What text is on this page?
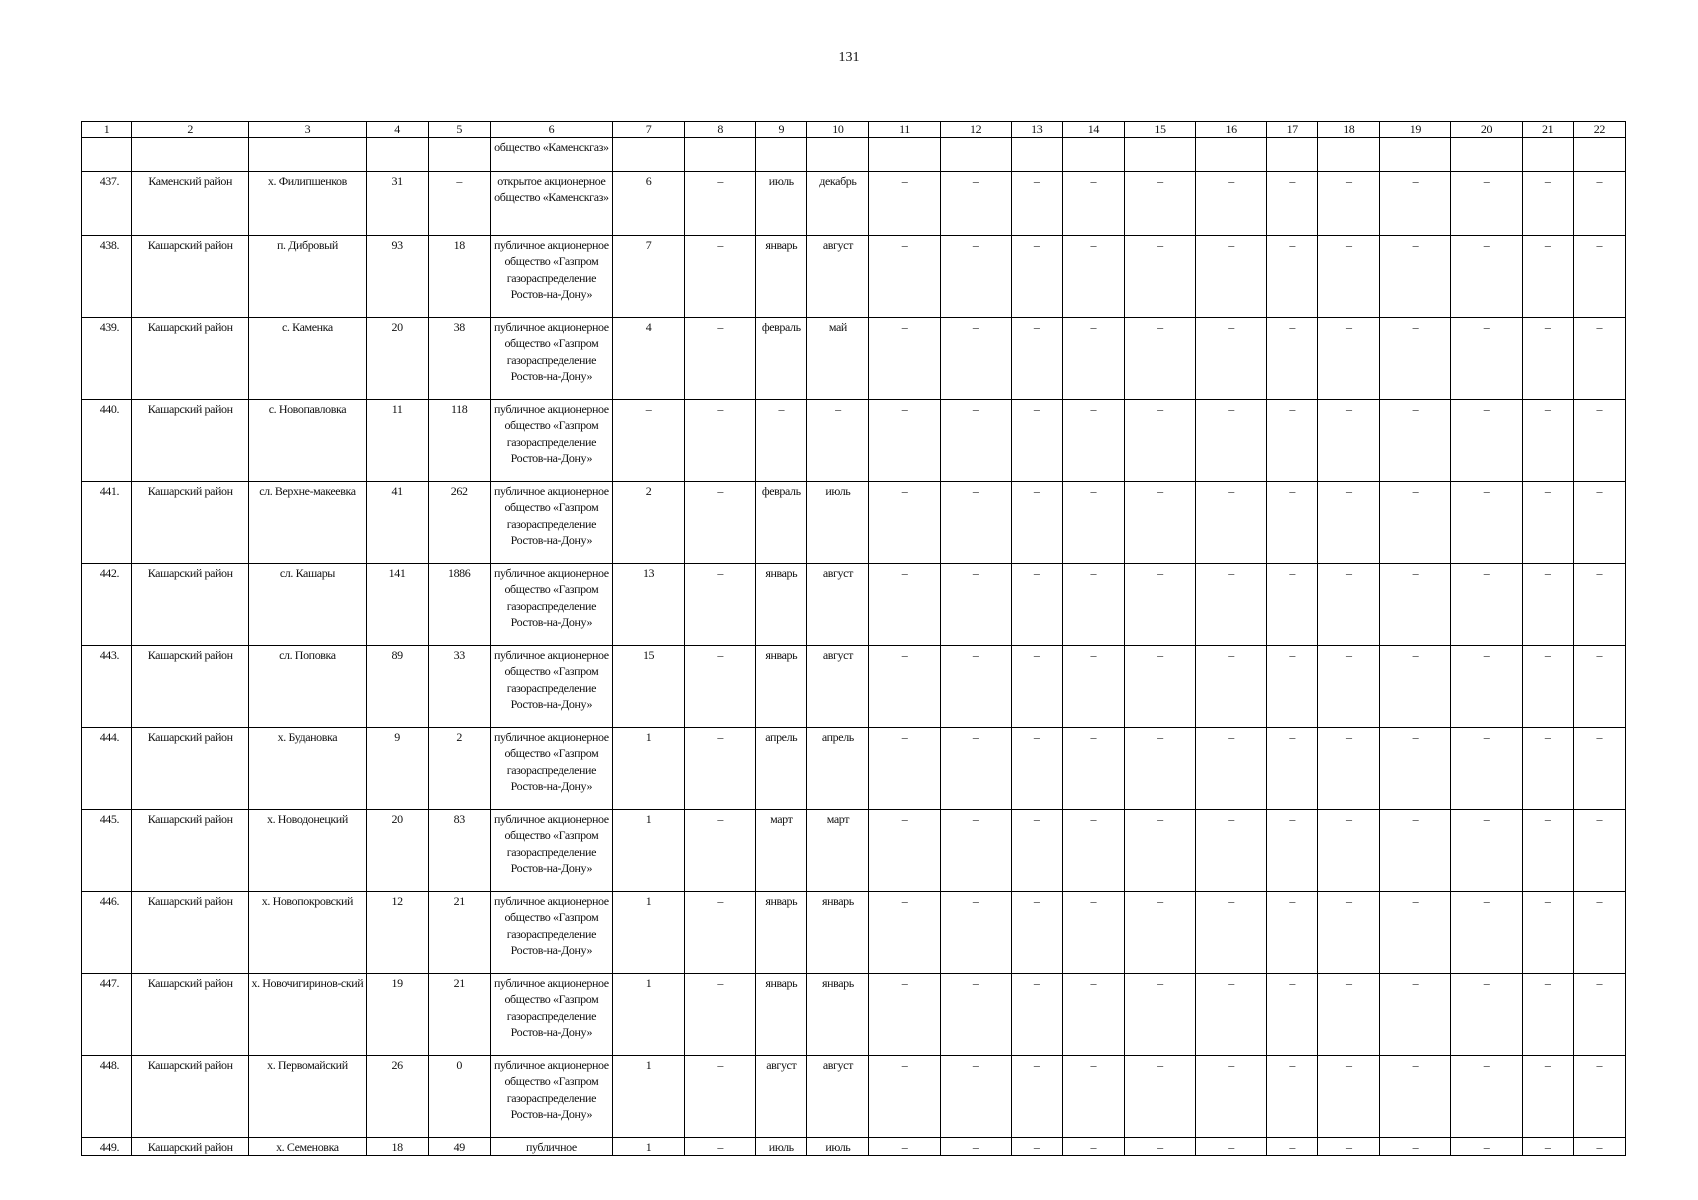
131
1	2	3	4	5	6	7	8	9	10	11	12	13	14	15	16	17	18	19	20	21	22
					общество «Каменскгаз»																
437.	Каменский район	х. Филипшенков	31	–	открытое акционерное общество «Каменскгаз»	6	–	июль	декабрь	–	–	–	–	–	–	–	–	–	–	–	–
438.	Кашарский район	п. Дибровый	93	18	публичное акционерное общество «Газпром газораспределение Ростов-на-Дону»	7	–	январь	август	–	–	–	–	–	–	–	–	–	–	–	–
439.	Кашарский район	с. Каменка	20	38	публичное акционерное общество «Газпром газораспределение Ростов-на-Дону»	4	–	февраль	май	–	–	–	–	–	–	–	–	–	–	–	–
440.	Кашарский район	с. Новопавловка	11	118	публичное акционерное общество «Газпром газораспределение Ростов-на-Дону»	–	–	–	–	–	–	–	–	–	–	–	–	–	–	–	–
441.	Кашарский район	сл. Верхне-макеевка	41	262	публичное акционерное общество «Газпром газораспределение Ростов-на-Дону»	2	–	февраль	июль	–	–	–	–	–	–	–	–	–	–	–	–
442.	Кашарский район	сл. Кашары	141	1886	публичное акционерное общество «Газпром газораспределение Ростов-на-Дону»	13	–	январь	август	–	–	–	–	–	–	–	–	–	–	–	–
443.	Кашарский район	сл. Поповка	89	33	публичное акционерное общество «Газпром газораспределение Ростов-на-Дону»	15	–	январь	август	–	–	–	–	–	–	–	–	–	–	–	–
444.	Кашарский район	х. Будановка	9	2	публичное акционерное общество «Газпром газораспределение Ростов-на-Дону»	1	–	апрель	апрель	–	–	–	–	–	–	–	–	–	–	–	–
445.	Кашарский район	х. Новодонецкий	20	83	публичное акционерное общество «Газпром газораспределение Ростов-на-Дону»	1	–	март	март	–	–	–	–	–	–	–	–	–	–	–	–
446.	Кашарский район	х. Новопокровский	12	21	публичное акционерное общество «Газпром газораспределение Ростов-на-Дону»	1	–	январь	январь	–	–	–	–	–	–	–	–	–	–	–	–
447.	Кашарский район	х. Новочигиринов-ский	19	21	публичное акционерное общество «Газпром газораспределение Ростов-на-Дону»	1	–	январь	январь	–	–	–	–	–	–	–	–	–	–	–	–
448.	Кашарский район	х. Первомайский	26	0	публичное акционерное общество «Газпром газораспределение Ростов-на-Дону»	1	–	август	август	–	–	–	–	–	–	–	–	–	–	–	–
449.	Кашарский район	х. Семеновка	18	49	публичное	1	–	июль	июль	–	–	–	–	–	–	–	–	–	–	–	–
